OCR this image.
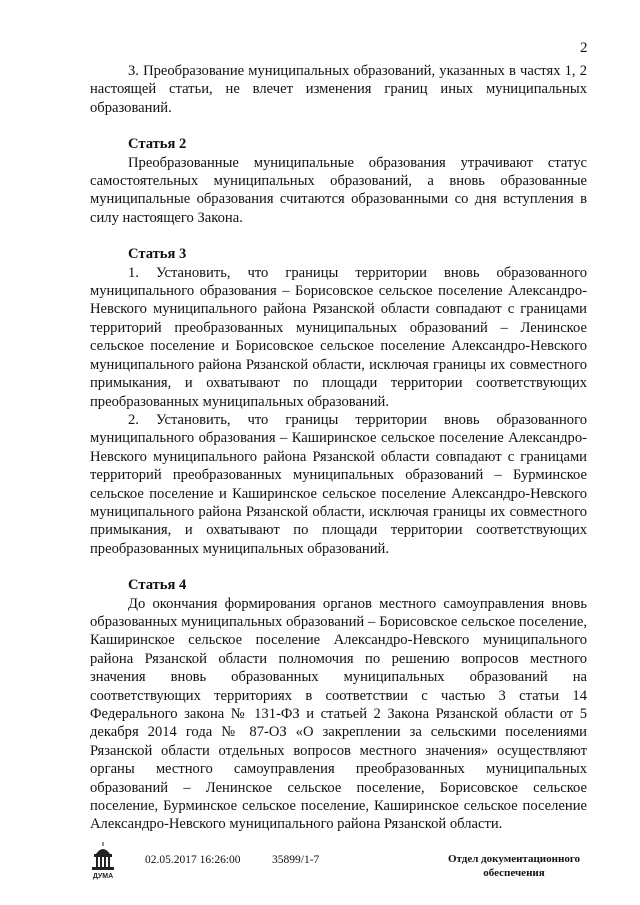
2

3. Преобразование муниципальных образований, указанных в частях 1, 2 настоящей статьи, не влечет изменения границ иных муниципальных образований.

Статья 2

Преобразованные муниципальные образования утрачивают статус самостоятельных муниципальных образований, а вновь образованные муниципальные образования считаются образованными со дня вступления в силу настоящего Закона.

Статья 3

1. Установить, что границы территории вновь образованного муниципального образования – Борисовское сельское поселение Александро-Невского муниципального района Рязанской области совпадают с границами территорий преобразованных муниципальных образований – Ленинское сельское поселение и Борисовское сельское поселение Александро-Невского муниципального района Рязанской области, исключая границы их совместного примыкания, и охватывают по площади территории соответствующих преобразованных муниципальных образований.

2. Установить, что границы территории вновь образованного муниципального образования – Каширинское сельское поселение Александро-Невского муниципального района Рязанской области совпадают с границами территорий преобразованных муниципальных образований – Бурминское сельское поселение и Каширинское сельское поселение Александро-Невского муниципального района Рязанской области, исключая границы их совместного примыкания, и охватывают по площади территории соответствующих преобразованных муниципальных образований.

Статья 4

До окончания формирования органов местного самоуправления вновь образованных муниципальных образований – Борисовское сельское поселение, Каширинское сельское поселение Александро-Невского муниципального района Рязанской области полномочия по решению вопросов местного значения вновь образованных муниципальных образований на соответствующих территориях в соответствии с частью 3 статьи 14 Федерального закона № 131-ФЗ и статьей 2 Закона Рязанской области от 5 декабря 2014 года № 87-ОЗ «О закреплении за сельскими поселениями Рязанской области отдельных вопросов местного значения» осуществляют органы местного самоуправления преобразованных муниципальных образований – Ленинское сельское поселение, Борисовское сельское поселение, Бурминское сельское поселение, Каширинское сельское поселение Александро-Невского муниципального района Рязанской области.

ДУМА
02.05.2017 16:26:00	35899/1-7	Отдел документационного
обеспечения
